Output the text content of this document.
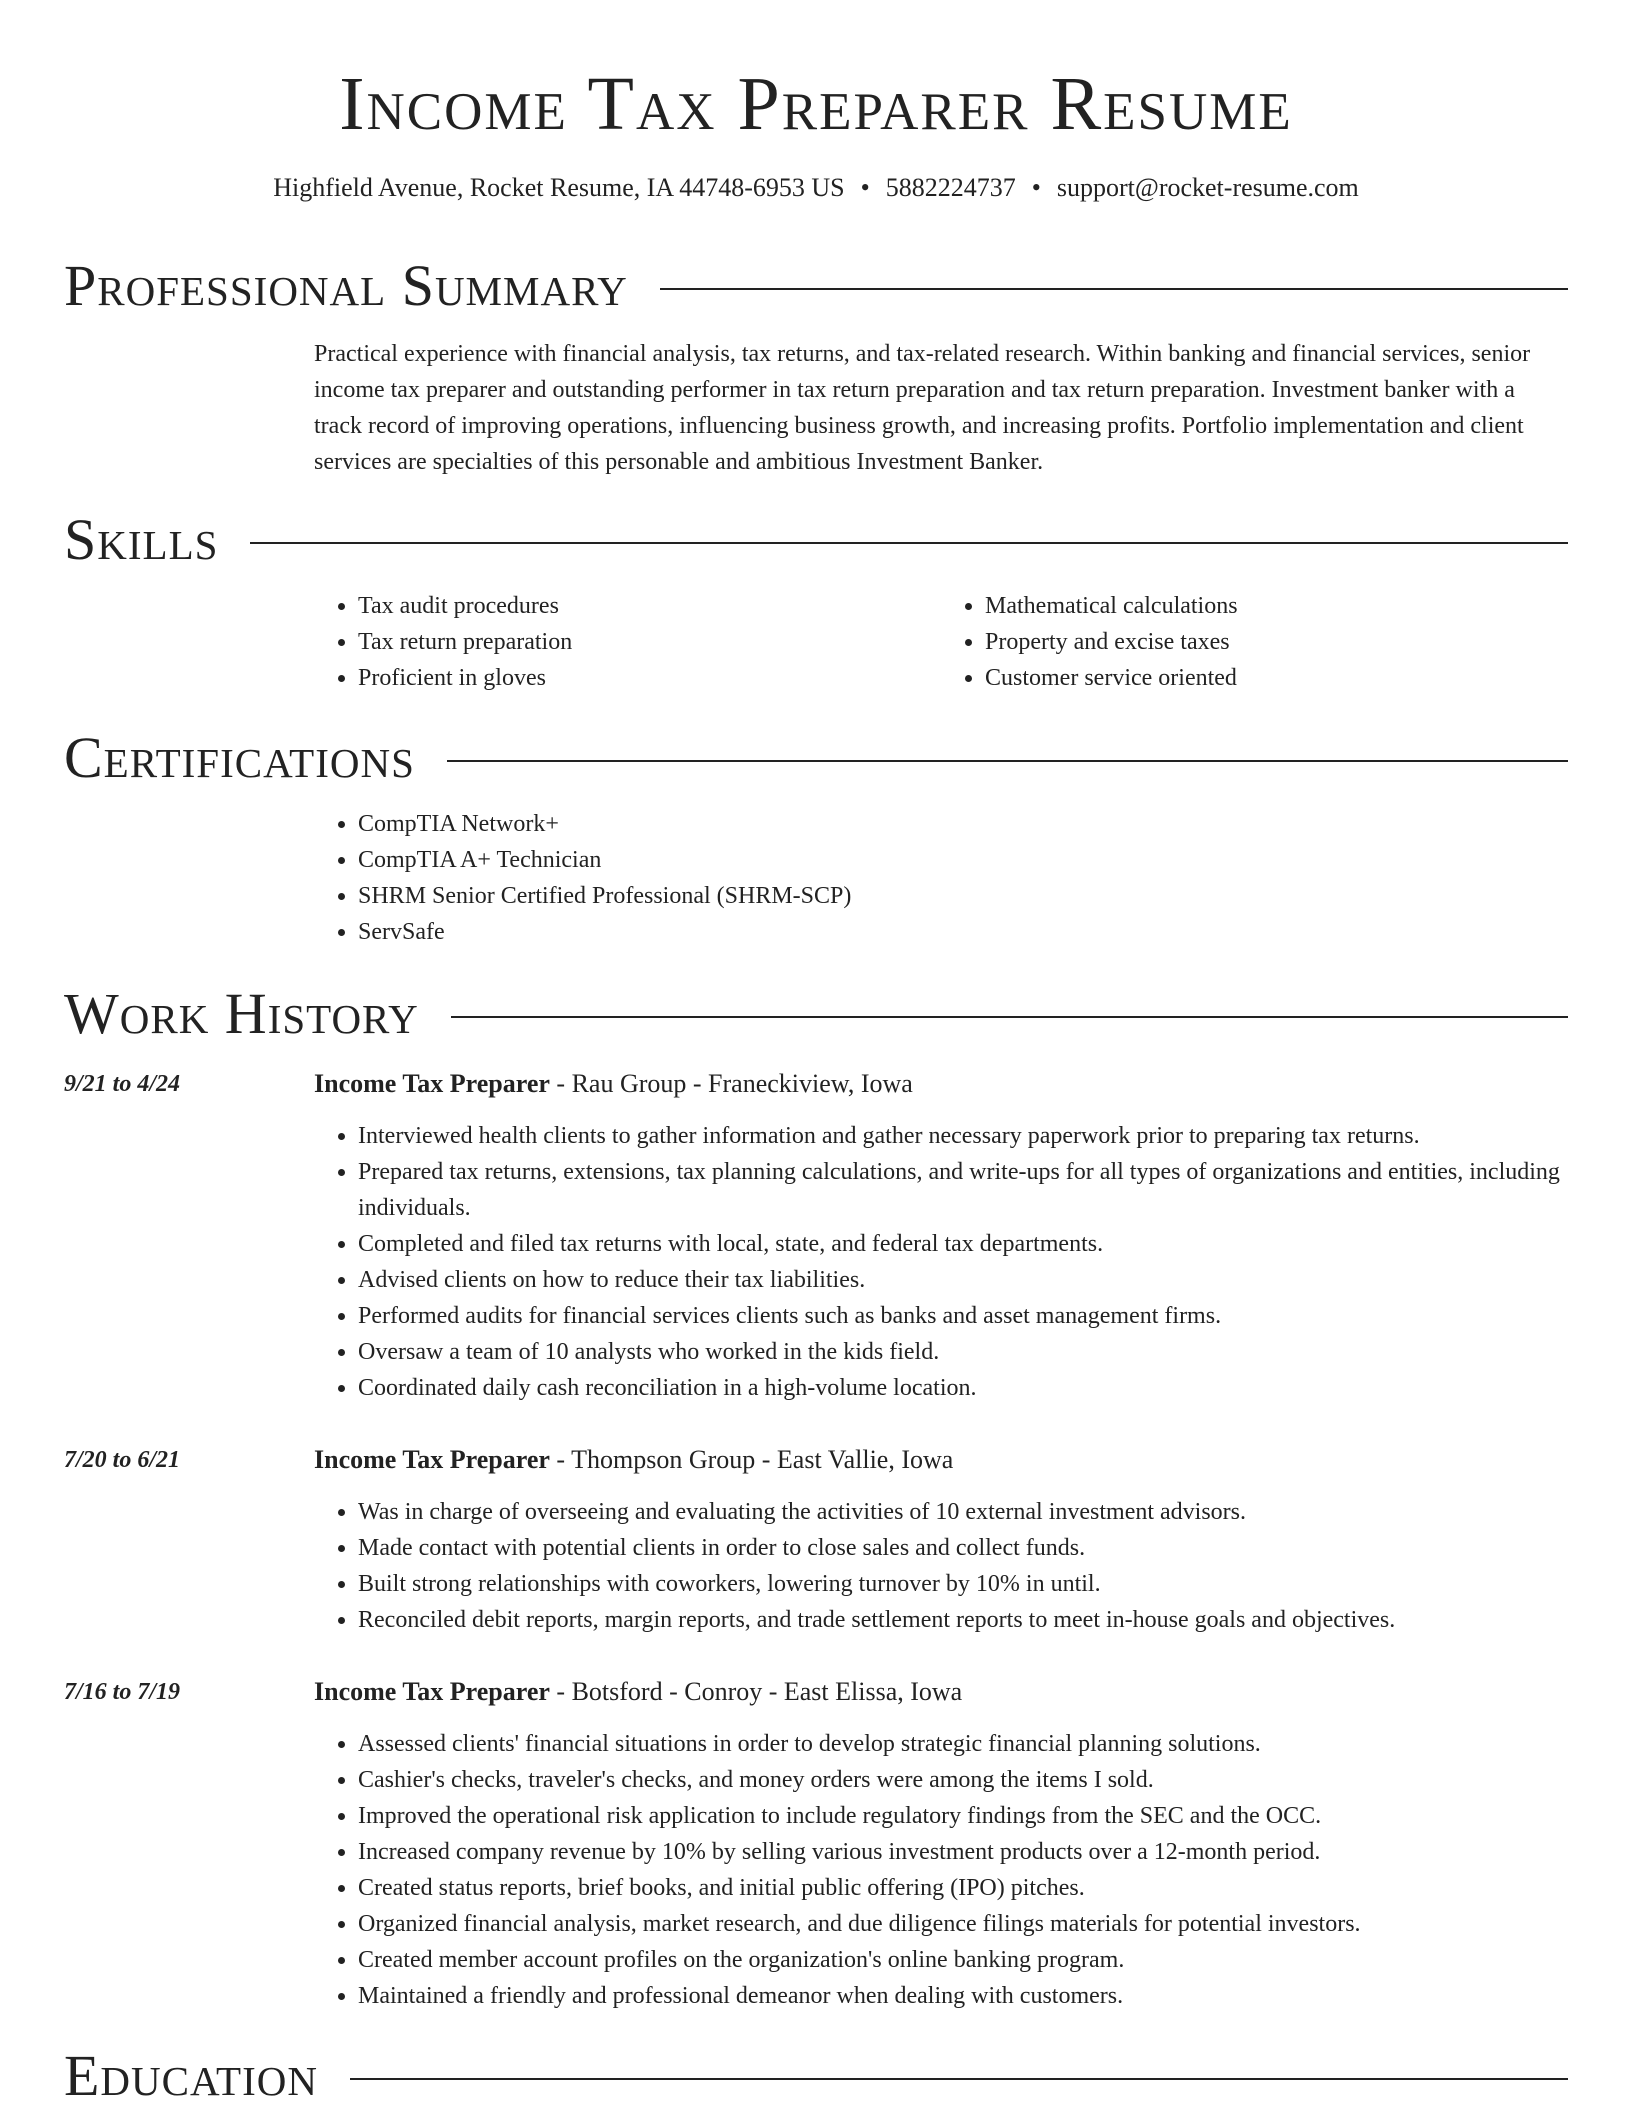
Income Tax Preparer Resume
Highfield Avenue, Rocket Resume, IA 44748-6953 US • 5882224737 • support@rocket-resume.com
Professional Summary

Practical experience with financial analysis, tax returns, and tax-related research. Within banking and financial services, senior income tax preparer and outstanding performer in tax return preparation and tax return preparation. Investment banker with a track record of improving operations, influencing business growth, and increasing profits. Portfolio implementation and client services are specialties of this personable and ambitious Investment Banker.

Skills
• Tax audit procedures
• Tax return preparation
• Proficient in gloves
• Mathematical calculations
• Property and excise taxes
• Customer service oriented
Certifications
• CompTIA Network+
• CompTIA A+ Technician
• SHRM Senior Certified Professional (SHRM-SCP)
• ServSafe
Work History
9/21 to 4/24	Income Tax Preparer - Rau Group - Franeckiview, Iowa
• Interviewed health clients to gather information and gather necessary paperwork prior to preparing tax returns.
• Prepared tax returns, extensions, tax planning calculations, and write-ups for all types of organizations and entities, including individuals.
• Completed and filed tax returns with local, state, and federal tax departments.
• Advised clients on how to reduce their tax liabilities.
• Performed audits for financial services clients such as banks and asset management firms.
• Oversaw a team of 10 analysts who worked in the kids field.
• Coordinated daily cash reconciliation in a high-volume location.
7/20 to 6/21	Income Tax Preparer - Thompson Group - East Vallie, Iowa
• Was in charge of overseeing and evaluating the activities of 10 external investment advisors.
• Made contact with potential clients in order to close sales and collect funds.
• Built strong relationships with coworkers, lowering turnover by 10% in until.
• Reconciled debit reports, margin reports, and trade settlement reports to meet in-house goals and objectives.
7/16 to 7/19	Income Tax Preparer - Botsford - Conroy - East Elissa, Iowa
• Assessed clients' financial situations in order to develop strategic financial planning solutions.
• Cashier's checks, traveler's checks, and money orders were among the items I sold.
• Improved the operational risk application to include regulatory findings from the SEC and the OCC.
• Increased company revenue by 10% by selling various investment products over a 12-month period.
• Created status reports, brief books, and initial public offering (IPO) pitches.
• Organized financial analysis, market research, and due diligence filings materials for potential investors.
• Created member account profiles on the organization's online banking program.
• Maintained a friendly and professional demeanor when dealing with customers.
Education
